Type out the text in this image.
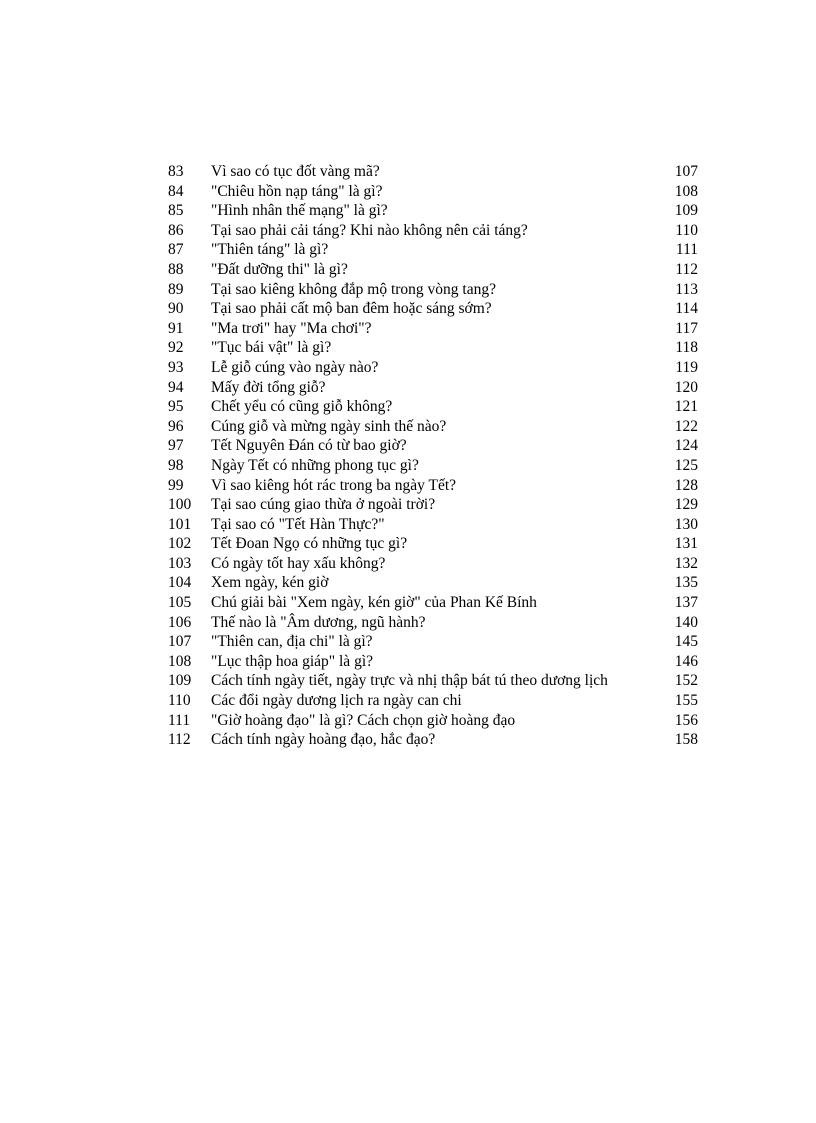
83 Vì sao có tục đốt vàng mã?	107
84 "Chiêu hồn nạp táng" là gì?	108
85 "Hình nhân thế mạng" là gì?	109
86 Tại sao phải cải táng? Khi nào không nên cải táng?	110
87 "Thiên táng" là gì?	111
88 "Đất dưỡng thi" là gì?	112
89 Tại sao kiêng không đắp mộ trong vòng tang?	113
90 Tại sao phải cất mộ ban đêm hoặc sáng sớm?	114
91 "Ma trơi" hay "Ma chơi"?	117
92 "Tục bái vật" là gì?	118
93 Lễ giỗ cúng vào ngày nào?	119
94 Mấy đời tổng giỗ?	120
95 Chết yểu có cũng giỗ không?	121
96 Cúng giỗ và mừng ngày sinh thế nào?	122
97 Tết Nguyên Đán có từ bao giờ?	124
98 Ngày Tết có những phong tục gì?	125
99 Vì sao kiêng hót rác trong ba ngày Tết?	128
100 Tại sao cúng giao thừa ở ngoài trời?	129
101 Tại sao có "Tết Hàn Thực?"	130
102 Tết Đoan Ngọ có những tục gì?	131
103 Có ngày tốt hay xấu không?	132
104 Xem ngày, kén giờ	135
105 Chú giải bài "Xem ngày, kén giờ" của Phan Kế Bính	137
106 Thế nào là "Âm dương, ngũ hành?	140
107 "Thiên can, địa chi" là gì?	145
108 "Lục thập hoa giáp" là gì?	146
109 Cách tính ngày tiết, ngày trực và nhị thập bát tú theo dương lịch	152
110 Các đổi ngày dương lịch ra ngày can chi	155
111 "Giờ hoàng đạo" là gì? Cách chọn giờ hoàng đạo	156
112 Cách tính ngày hoàng đạo, hắc đạo?	158
